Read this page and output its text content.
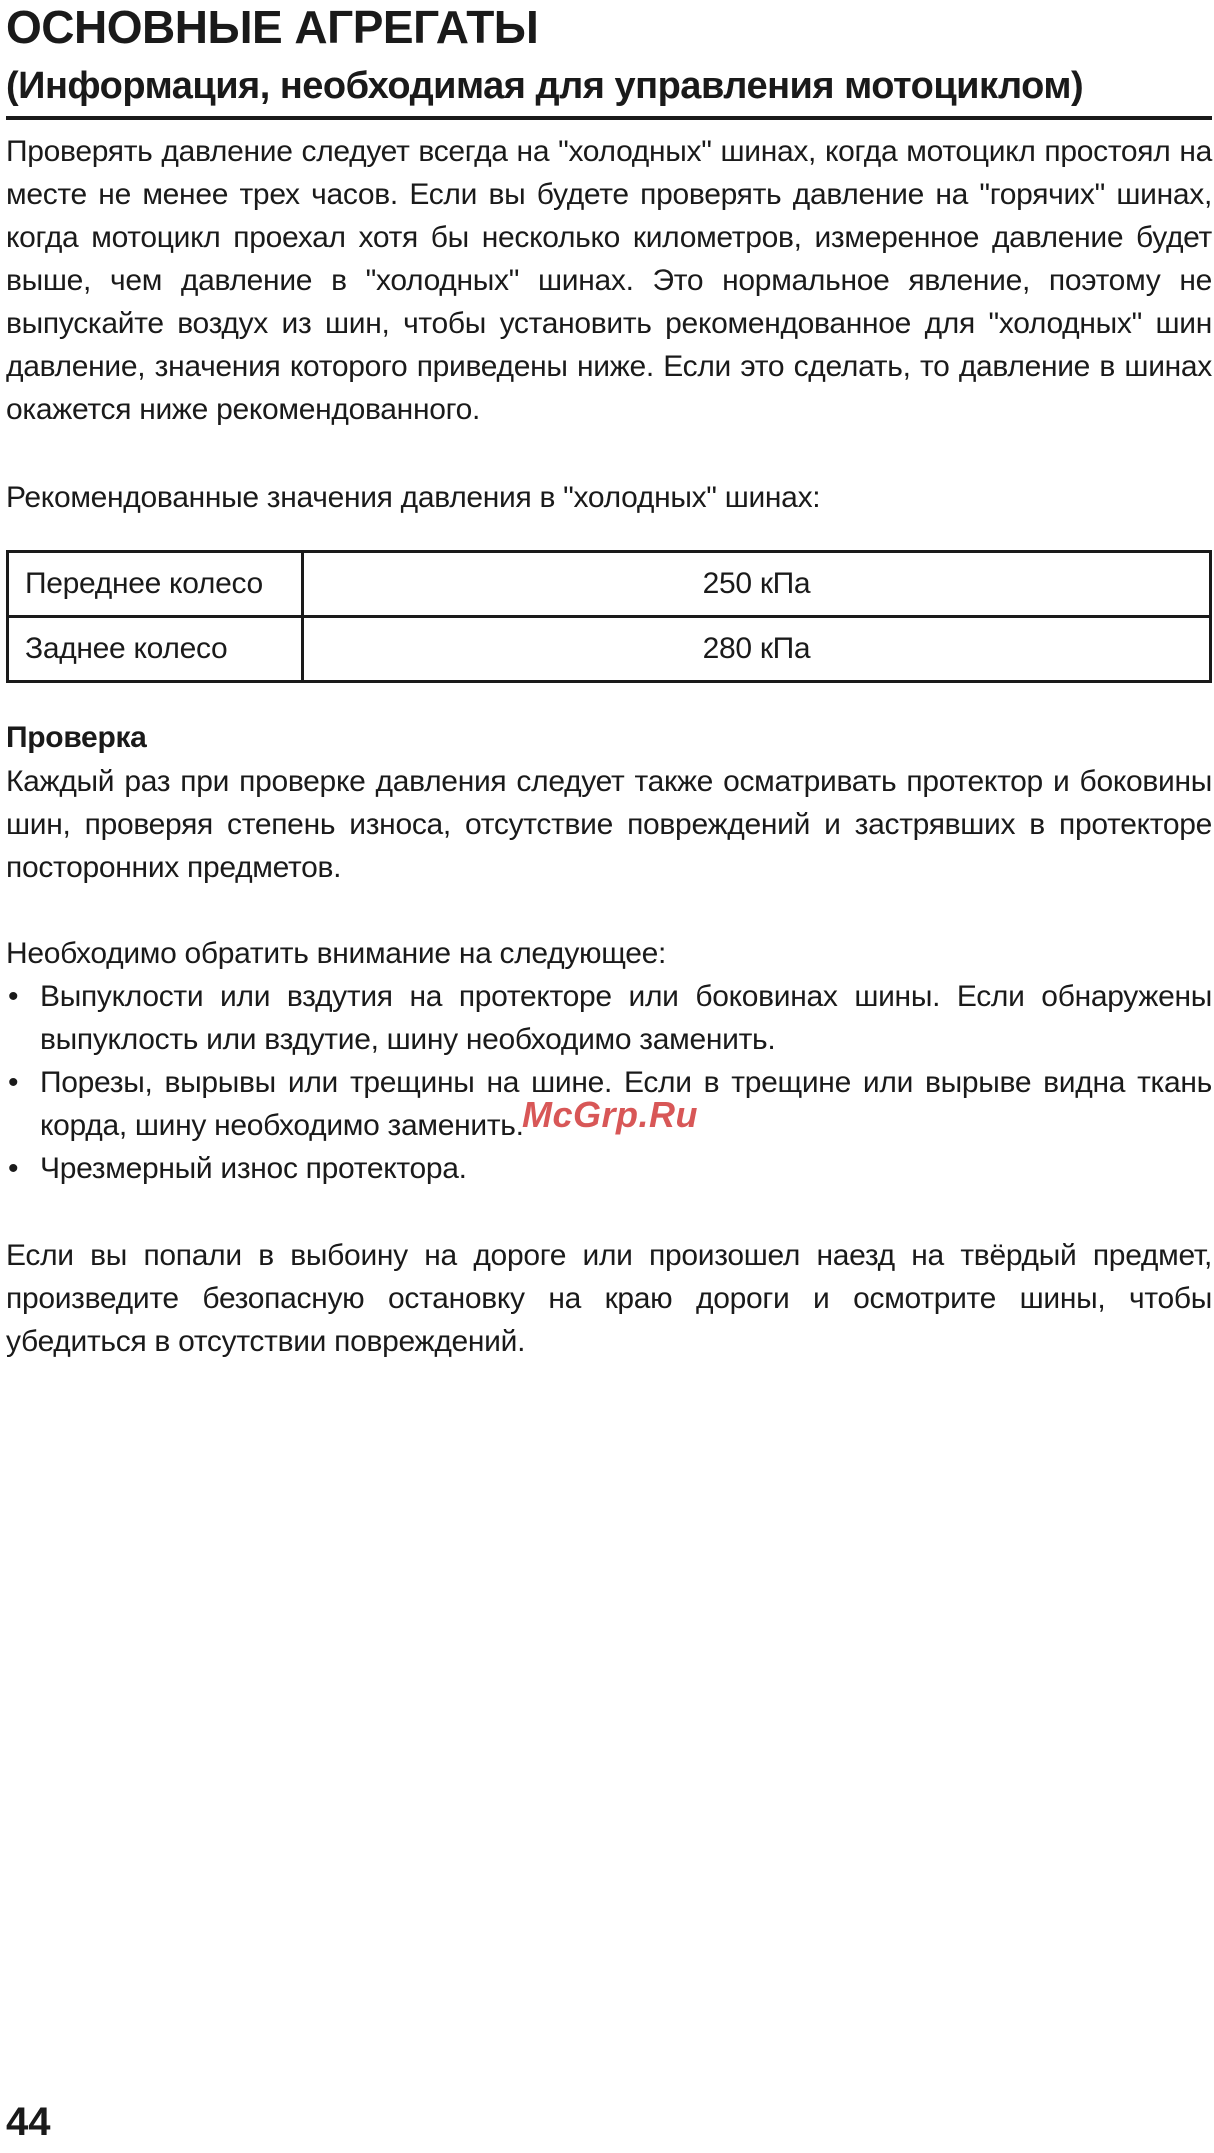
ОСНОВНЫЕ АГРЕГАТЫ
(Информация, необходимая для управления мотоциклом)

Проверять давление следует всегда на "холодных" шинах, когда мотоцикл простоял на месте не менее трех часов. Если вы будете проверять давление на "горячих" шинах, когда мотоцикл проехал хотя бы несколько километров, измеренное давление будет выше, чем давление в "холодных" шинах. Это нормальное явление, поэтому не выпускайте воздух из шин, чтобы установить рекомендованное для "холодных" шин давление, значения которого приведены ниже. Если это сделать, то давление в шинах окажется ниже рекомендованного.

Рекомендованные значения давления в "холодных" шинах:

Переднее колесо	250 кПа
Заднее колесо	280 кПа
Проверка

Каждый раз при проверке давления следует также осматривать протектор и боковины шин, проверяя степень износа, отсутствие повреждений и застрявших в протекторе посторонних предметов.

Необходимо обратить внимание на следующее:

• Выпуклости или вздутия на протекторе или боковинах шины. Если обнаружены выпуклость или вздутие, шину необходимо заменить.
• Порезы, вырывы или трещины на шине. Если в трещине или вырыве видна ткань корда, шину необходимо заменить.
• Чрезмерный износ протектора.

Если вы попали в выбоину на дороге или произошел наезд на твёрдый предмет, произведите безопасную остановку на краю дороги и осмотрите шины, чтобы убедиться в отсутствии повреждений.

McGrp.Ru

44
